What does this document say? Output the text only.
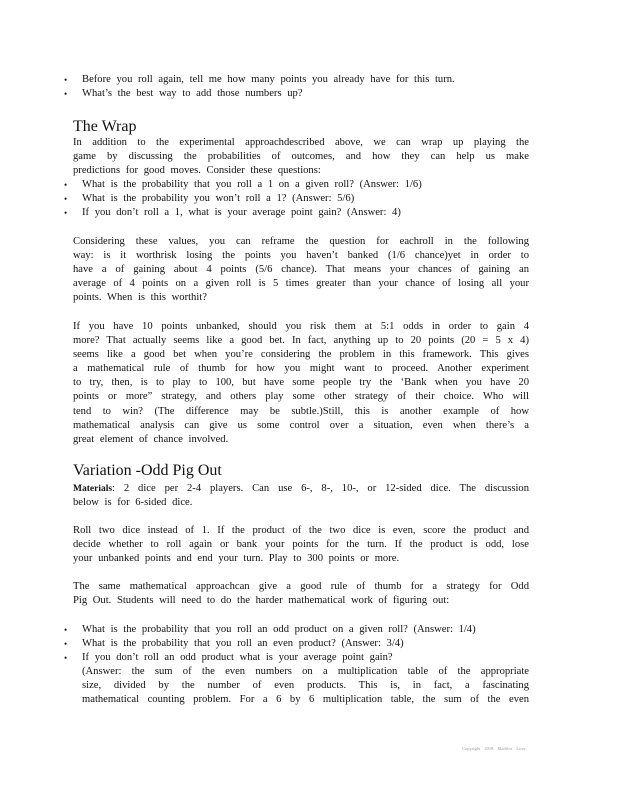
• Before you roll again, tell me how many points you already have for this turn.
• What’s the best way to add those numbers up?
The Wrap
In addition to the experimental approachdescribed above, we can wrap up playing the
game by discussing the probabilities of outcomes, and how they can help us make
predictions for good moves. Consider these questions:
• What is the probability that you roll a 1 on a given roll? (Answer: 1/6)
• What is the probability you won’t roll a 1? (Answer: 5/6)
• If you don’t roll a 1, what is your average point gain? (Answer: 4)
Considering these values, you can reframe the question for eachroll in the following
way: is it worthrisk losing the points you haven’t banked (1/6 chance)yet in order to
have a of gaining about 4 points (5/6 chance). That means your chances of gaining an
average of 4 points on a given roll is 5 times greater than your chance of losing all your
points. When is this worthit?
If you have 10 points unbanked, should you risk them at 5:1 odds in order to gain 4
more? That actually seems like a good bet. In fact, anything up to 20 points (20 = 5 x 4)
seems like a good bet when you’re considering the problem in this framework. This gives
a mathematical rule of thumb for how you might want to proceed. Another experiment
to try, then, is to play to 100, but have some people try the ‘Bank when you have 20
points or more” strategy, and others play some other strategy of their choice. Who will
tend to win? (The difference may be subtle.)Still, this is another example of how
mathematical analysis can give us some control over a situation, even when there’s a
great element of chance involved.
Variation -Odd Pig Out
Materials: 2 dice per 2-4 players. Can use 6-, 8-, 10-, or 12-sided dice. The discussion
below is for 6-sided dice.
Roll two dice instead of 1. If the product of the two dice is even, score the product and
decide whether to roll again or bank your points for the turn. If the product is odd, lose
your unbanked points and end your turn. Play to 300 points or more.
The same mathematical approachcan give a good rule of thumb for a strategy for Odd
Pig Out. Students will need to do the harder mathematical work of figuring out:
• What is the probability that you roll an odd product on a given roll? (Answer: 1/4)
• What is the probability that you roll an even product? (Answer: 3/4)
• If you don’t roll an odd product what is your average point gain?
(Answer: the sum of the even numbers on a multiplication table of the appropriate
size, divided by the number of even products. This is, in fact, a fascinating
mathematical counting problem. For a 6 by 6 multiplication table, the sum of the even
Copyright 2018 Mathfor Love
